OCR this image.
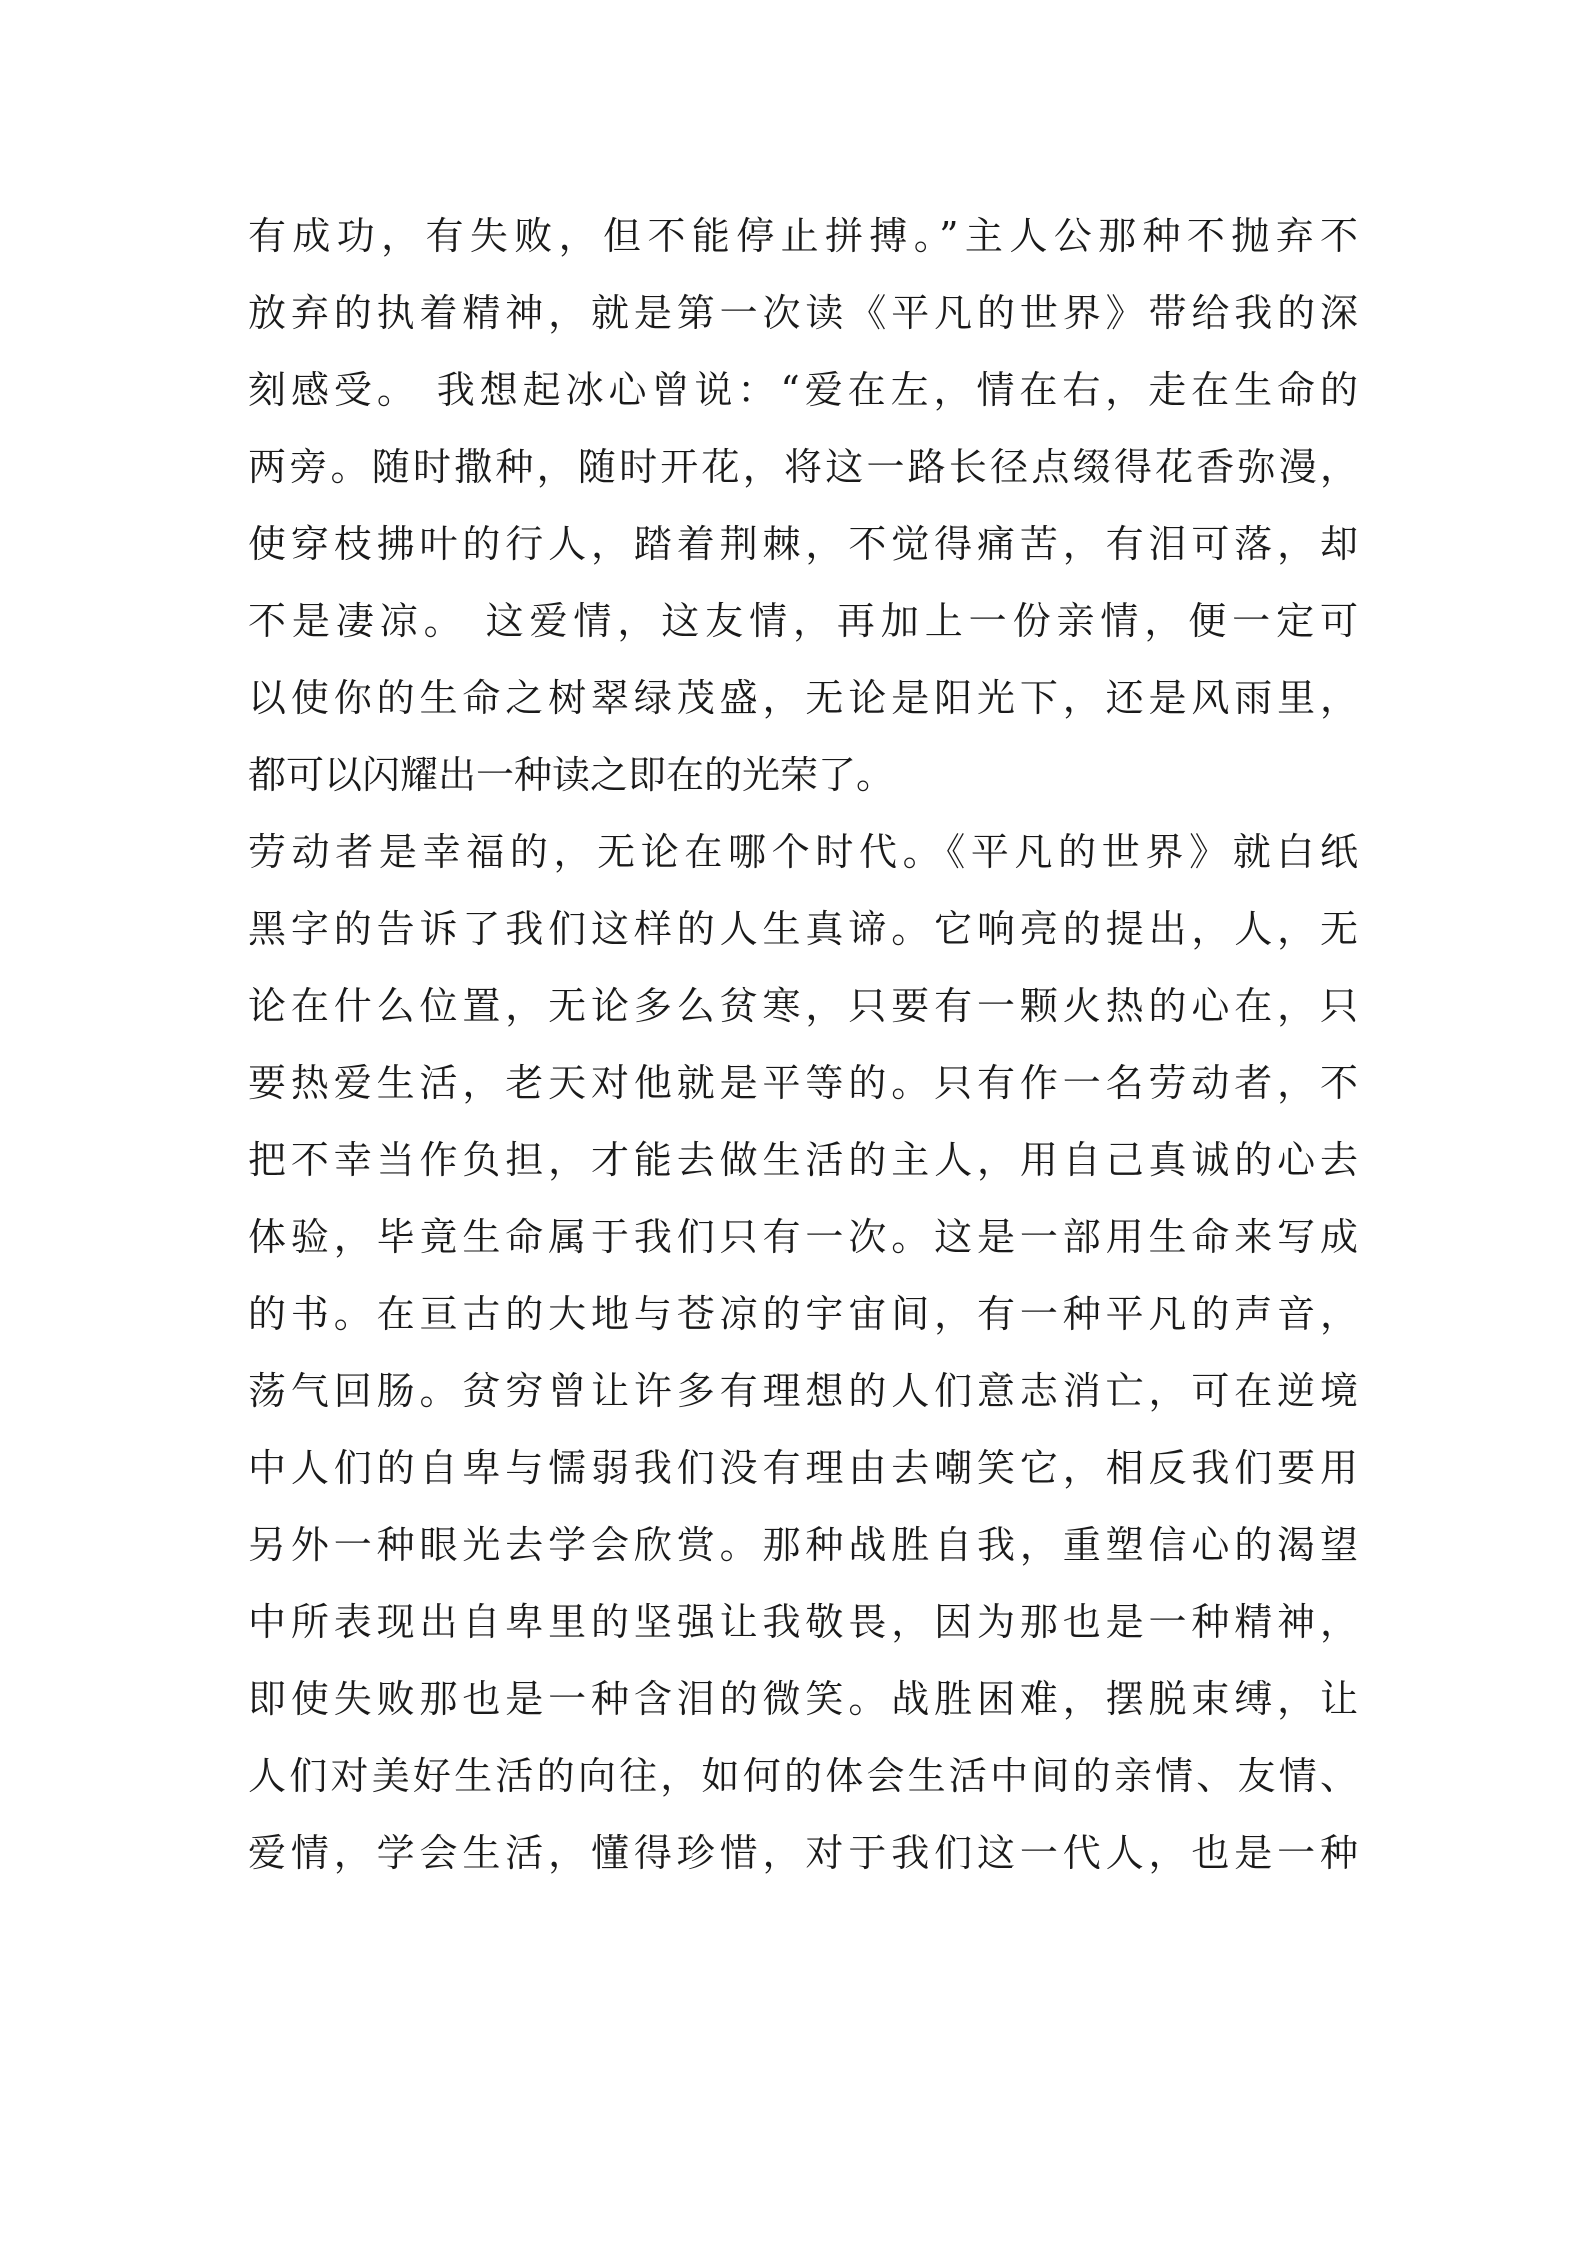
有成功，有失败，但不能停止拼搏。”主人公那种不抛弃不
放弃的执着精神，就是第一次读《平凡的世界》带给我的深
刻感受。 我想起冰心曾说：“爱在左，情在右，走在生命的
两旁。随时撒种，随时开花，将这一路长径点缀得花香弥漫，
使穿枝拂叶的行人，踏着荆棘，不觉得痛苦，有泪可落，却
不是凄凉。 这爱情，这友情，再加上一份亲情，便一定可
以使你的生命之树翠绿茂盛，无论是阳光下，还是风雨里，
都可以闪耀出一种读之即在的光荣了。
劳动者是幸福的，无论在哪个时代。《平凡的世界》就白纸
黑字的告诉了我们这样的人生真谛。它响亮的提出，人，无
论在什么位置，无论多么贫寒，只要有一颗火热的心在，只
要热爱生活，老天对他就是平等的。只有作一名劳动者，不
把不幸当作负担，才能去做生活的主人，用自己真诚的心去
体验，毕竟生命属于我们只有一次。这是一部用生命来写成
的书。在亘古的大地与苍凉的宇宙间，有一种平凡的声音，
荡气回肠。贫穷曾让许多有理想的人们意志消亡，可在逆境
中人们的自卑与懦弱我们没有理由去嘲笑它，相反我们要用
另外一种眼光去学会欣赏。那种战胜自我，重塑信心的渴望
中所表现出自卑里的坚强让我敬畏，因为那也是一种精神，
即使失败那也是一种含泪的微笑。战胜困难，摆脱束缚，让
人们对美好生活的向往，如何的体会生活中间的亲情、友情、
爱情，学会生活，懂得珍惜，对于我们这一代人，也是一种
